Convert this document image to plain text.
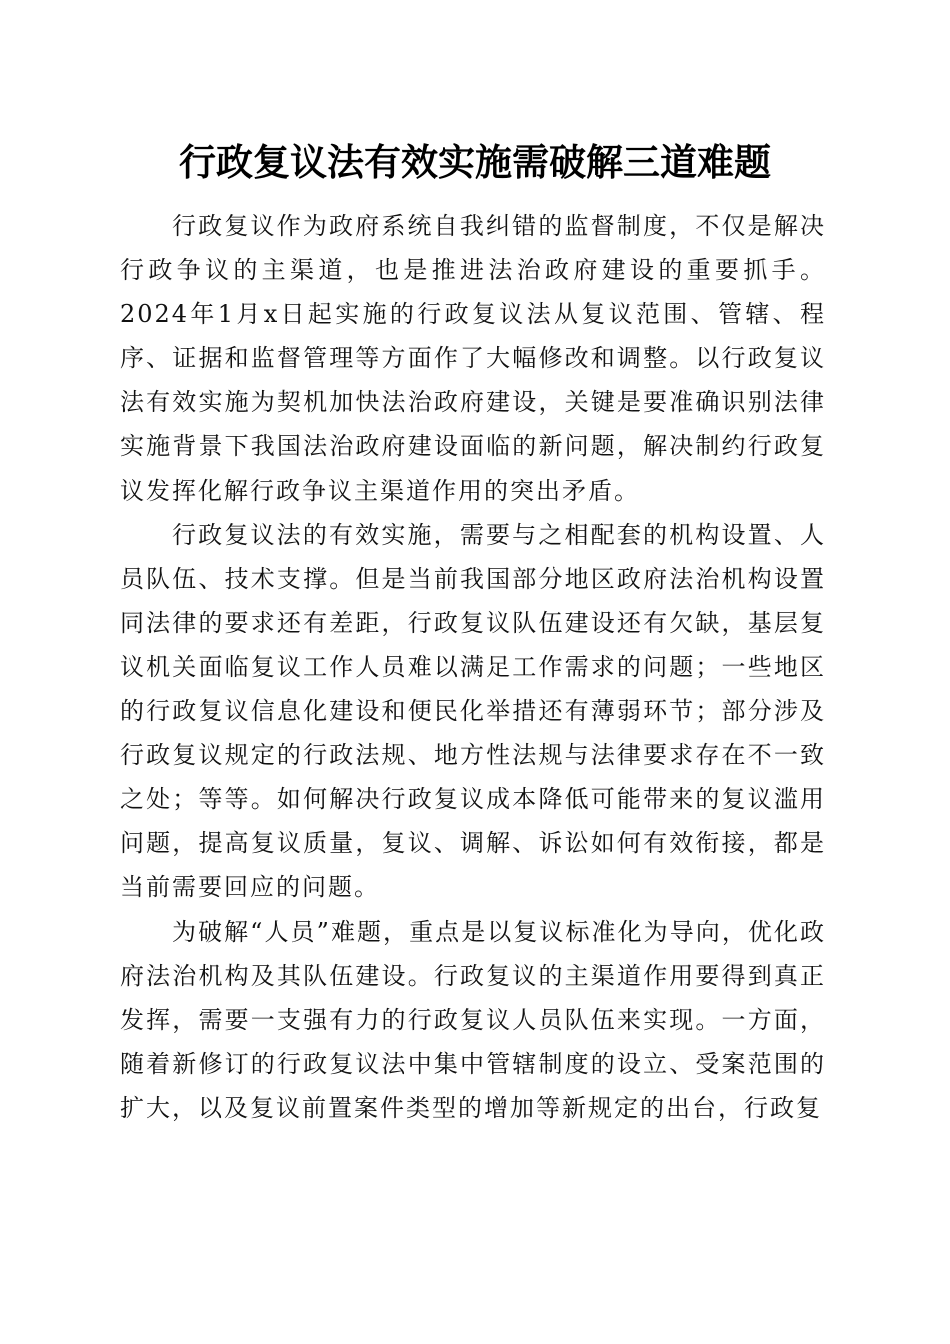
行政复议法有效实施需破解三道难题

行政复议作为政府系统自我纠错的监督制度，不仅是解决行政争议的主渠道，也是推进法治政府建设的重要抓手。2024年1月x日起实施的行政复议法从复议范围、管辖、程序、证据和监督管理等方面作了大幅修改和调整。以行政复议法有效实施为契机加快法治政府建设，关键是要准确识别法律实施背景下我国法治政府建设面临的新问题，解决制约行政复议发挥化解行政争议主渠道作用的突出矛盾。

行政复议法的有效实施，需要与之相配套的机构设置、人员队伍、技术支撑。但是当前我国部分地区政府法治机构设置同法律的要求还有差距，行政复议队伍建设还有欠缺，基层复议机关面临复议工作人员难以满足工作需求的问题；一些地区的行政复议信息化建设和便民化举措还有薄弱环节；部分涉及行政复议规定的行政法规、地方性法规与法律要求存在不一致之处；等等。如何解决行政复议成本降低可能带来的复议滥用问题，提高复议质量，复议、调解、诉讼如何有效衔接，都是当前需要回应的问题。

为破解“人员”难题，重点是以复议标准化为导向，优化政府法治机构及其队伍建设。行政复议的主渠道作用要得到真正发挥，需要一支强有力的行政复议人员队伍来实现。一方面，随着新修订的行政复议法中集中管辖制度的设立、受案范围的扩大，以及复议前置案件类型的增加等新规定的出台，行政复
